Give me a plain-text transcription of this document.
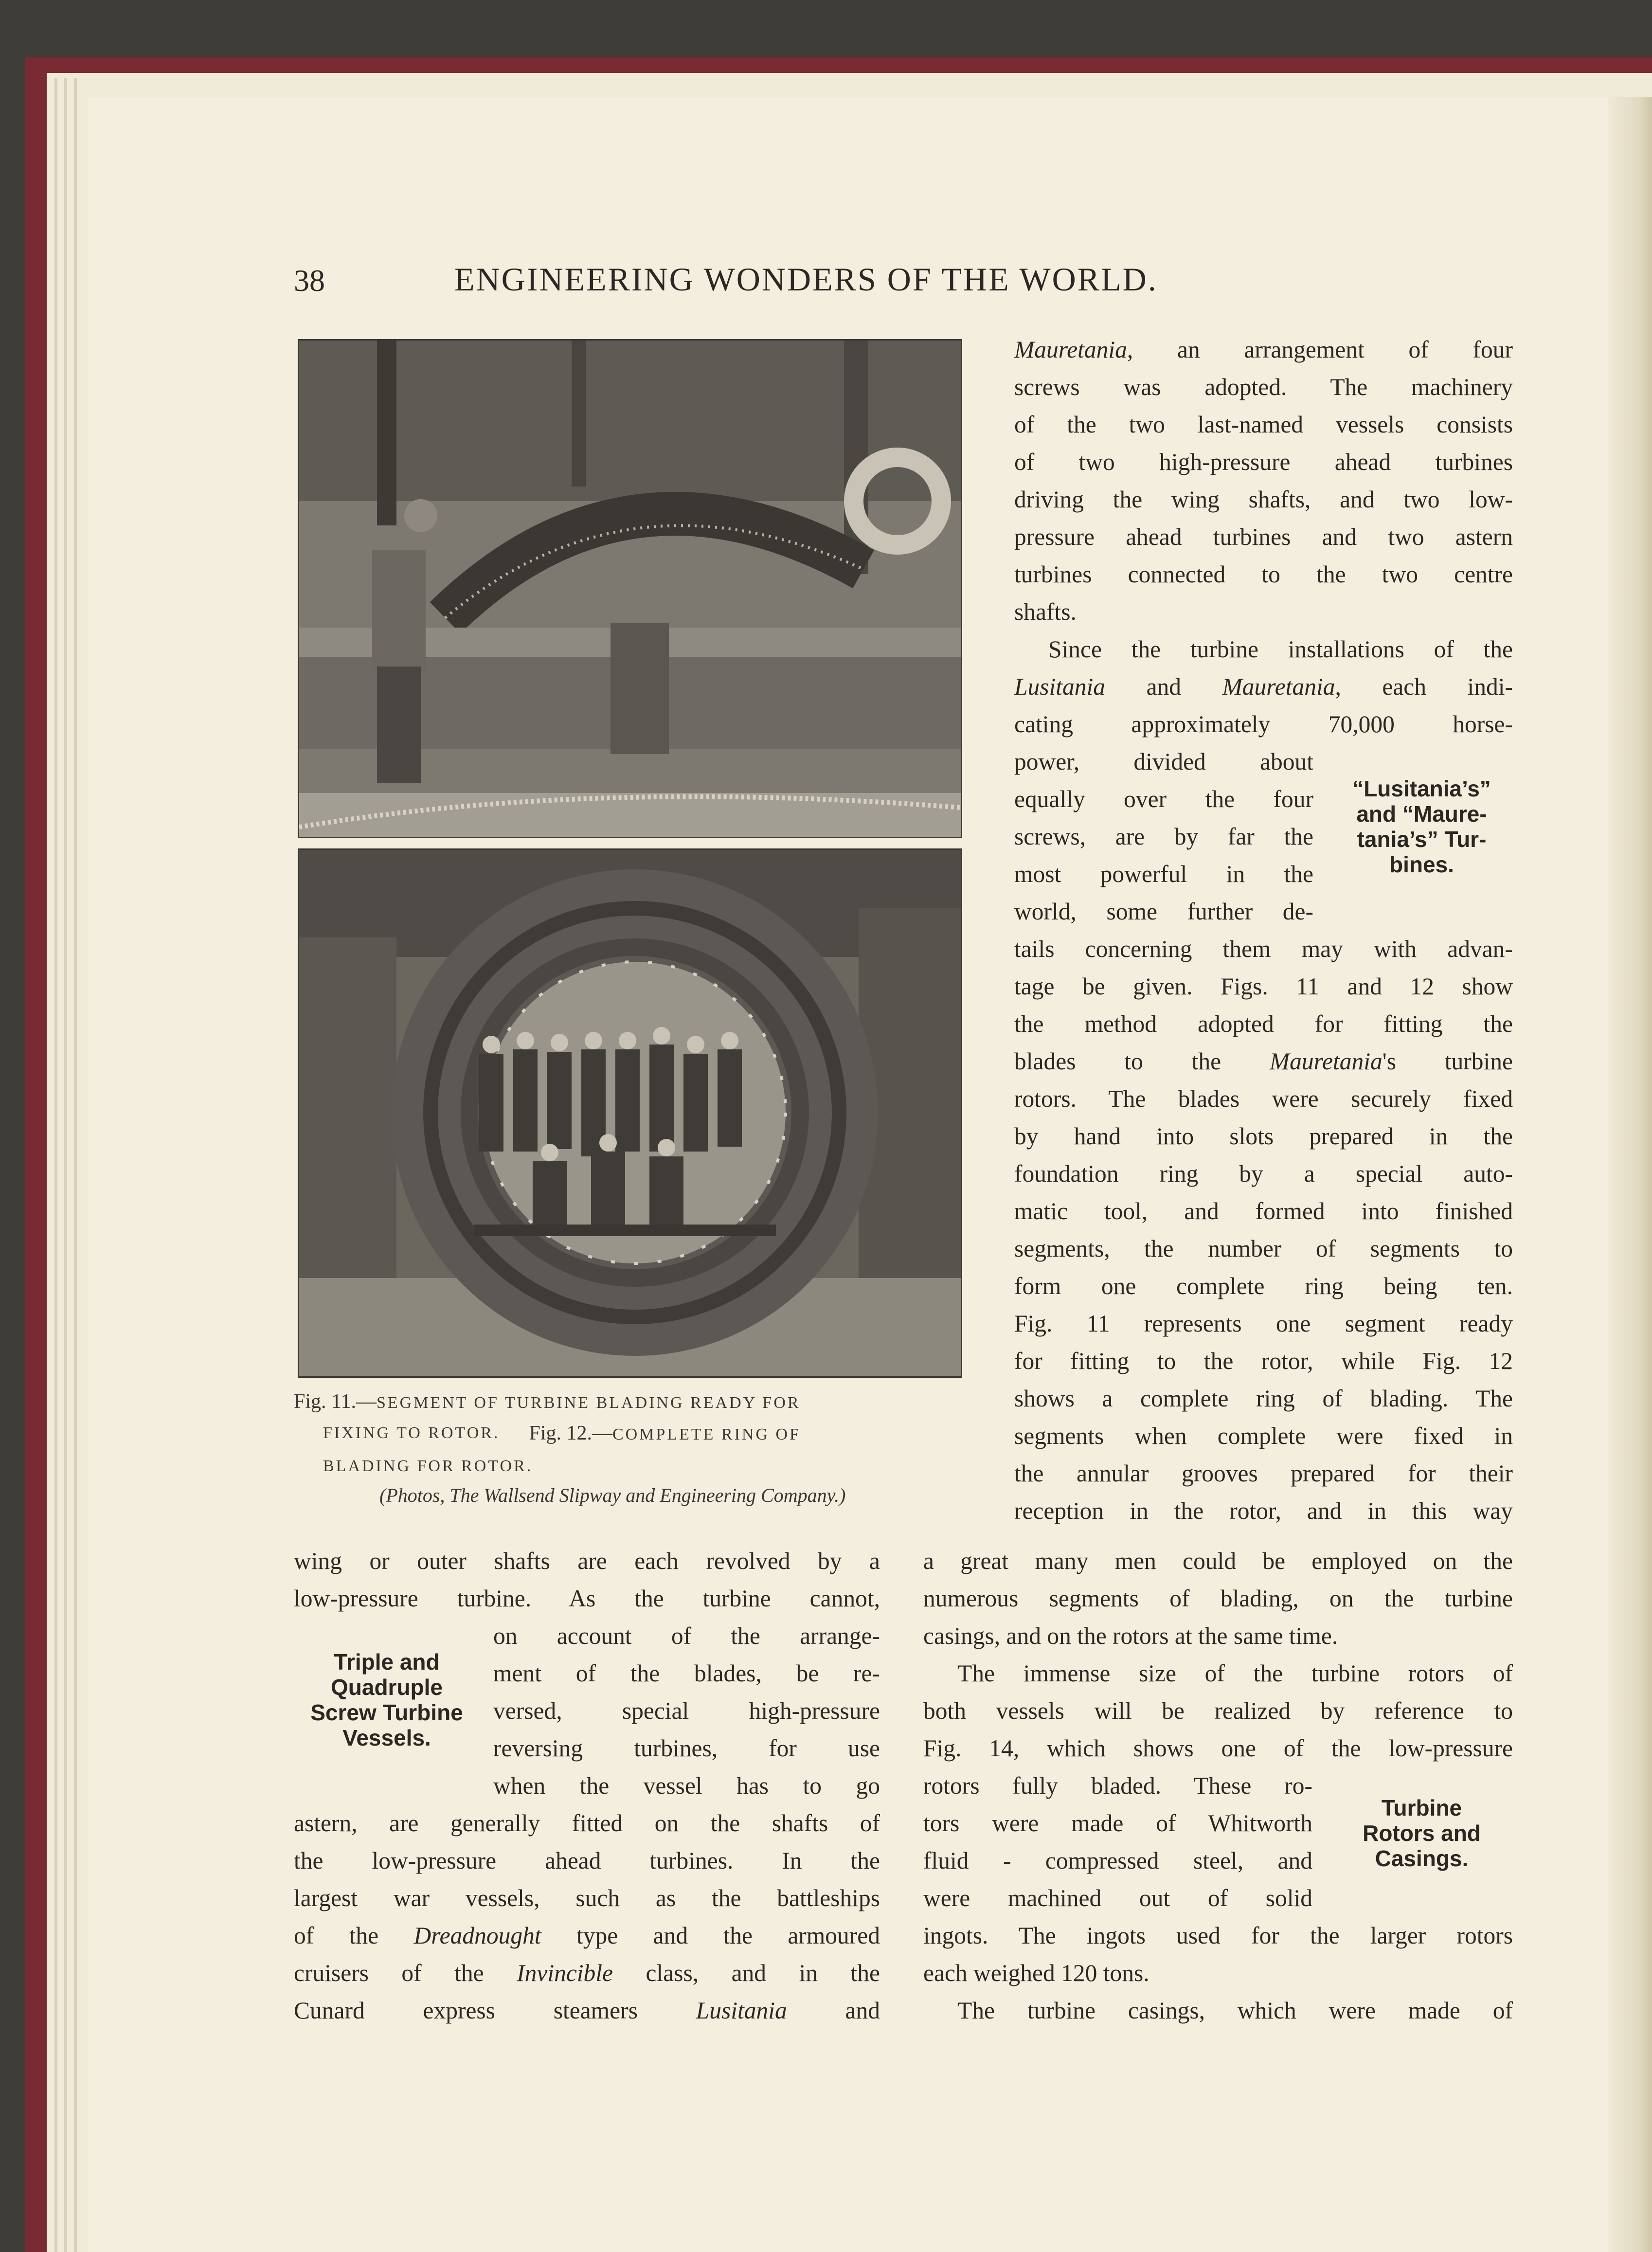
38	ENGINEERING WONDERS OF THE WORLD.
Fig. 11.—SEGMENT OF TURBINE BLADING READY FOR
FIXING TO ROTOR. Fig. 12.—COMPLETE RING OF
BLADING FOR ROTOR.
(Photos, The Wallsend Slipway and Engineering Company.)
Mauretania, an arrangement of four
screws was adopted. The machinery
of the two last-named vessels consists
of two high-pressure ahead turbines
driving the wing shafts, and two low-
pressure ahead turbines and two astern
turbines connected to the two centre
shafts.
Since the turbine installations of the
Lusitania and Mauretania, each indi-
cating approximately 70,000 horse-
power, divided about
equally over the four
screws, are by far the
most powerful in the
world, some further de-
tails concerning them may with advan-
tage be given. Figs. 11 and 12 show
the method adopted for fitting the
blades to the Mauretania's turbine
rotors. The blades were securely fixed
by hand into slots prepared in the
foundation ring by a special auto-
matic tool, and formed into finished
segments, the number of segments to
form one complete ring being ten.
Fig. 11 represents one segment ready
for fitting to the rotor, while Fig. 12
shows a complete ring of blading. The
segments when complete were fixed in
the annular grooves prepared for their
reception in the rotor, and in this way
“Lusitania’s”
and “Maure-
tania’s” Tur-
bines.
wing or outer shafts are each revolved by a
low-pressure turbine. As the turbine cannot,
on account of the arrange-
ment of the blades, be re-
versed, special high-pressure
reversing turbines, for use
when the vessel has to go
astern, are generally fitted on the shafts of
the low-pressure ahead turbines. In the
largest war vessels, such as the battleships
of the Dreadnought type and the armoured
cruisers of the Invincible class, and in the
Cunard express steamers Lusitania and
Triple and
Quadruple
Screw Turbine
Vessels.
a great many men could be employed on the
numerous segments of blading, on the turbine
casings, and on the rotors at the same time.
The immense size of the turbine rotors of
both vessels will be realized by reference to
Fig. 14, which shows one of the low-pressure
rotors fully bladed. These ro-
tors were made of Whitworth
fluid - compressed steel, and
were machined out of solid
ingots. The ingots used for the larger rotors
each weighed 120 tons.
The turbine casings, which were made of
Turbine
Rotors and
Casings.
